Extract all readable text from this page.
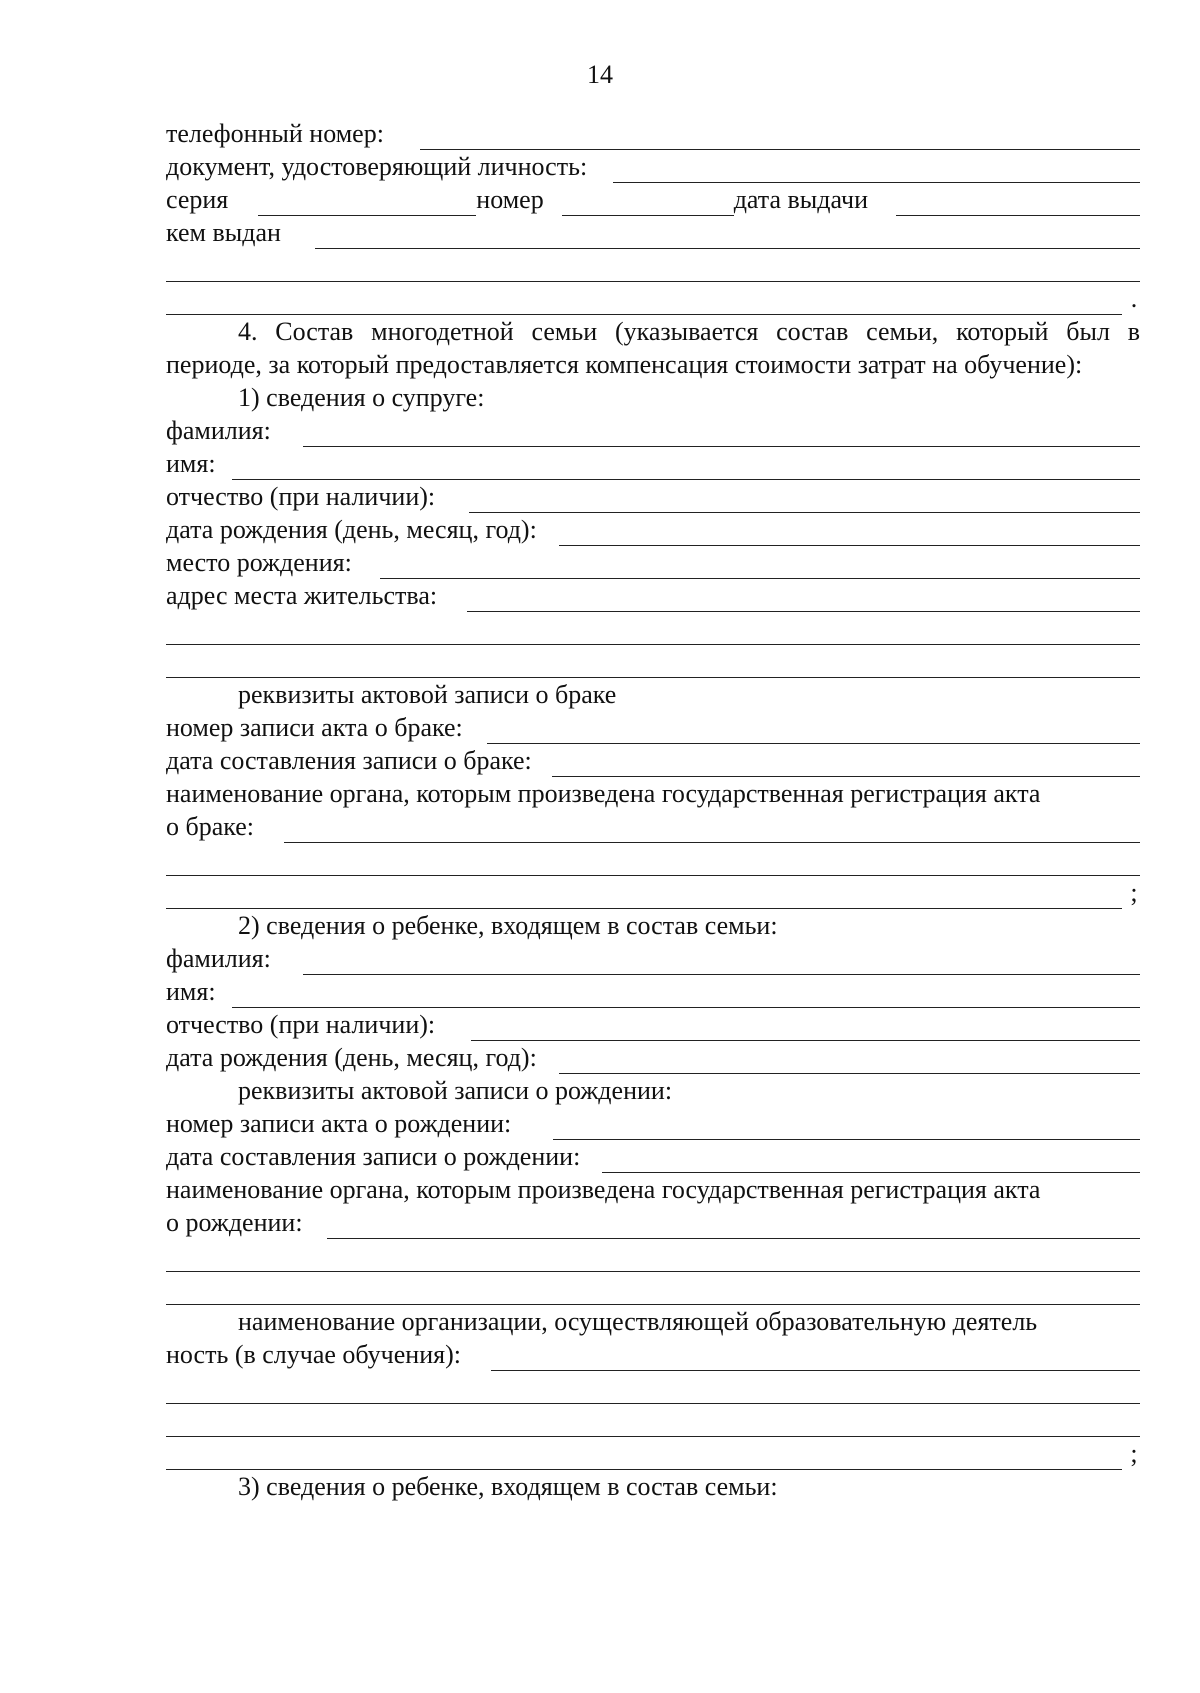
14
телефонный номер:
документ, удостоверяющий личность:
серия	номер	дата выдачи
кем выдан
.
4. Состав многодетной семьи (указывается состав семьи, который был в периоде, за который предоставляется компенсация стоимости затрат на обучение):
1) сведения о супруге:
фамилия:
имя:
отчество (при наличии):
дата рождения (день, месяц, год):
место рождения:
адрес места жительства:
реквизиты актовой записи о браке
номер записи акта о браке:
дата составления записи о браке:
наименование органа, которым произведена государственная регистрация акта
о браке:
;
2) сведения о ребенке, входящем в состав семьи:
фамилия:
имя:
отчество (при наличии):
дата рождения (день, месяц, год):
реквизиты актовой записи о рождении:
номер записи акта о рождении:
дата составления записи о рождении:
наименование органа, которым произведена государственная регистрация акта
о рождении:
наименование организации, осуществляющей образовательную деятель
ность (в случае обучения):
;
3) сведения о ребенке, входящем в состав семьи:
